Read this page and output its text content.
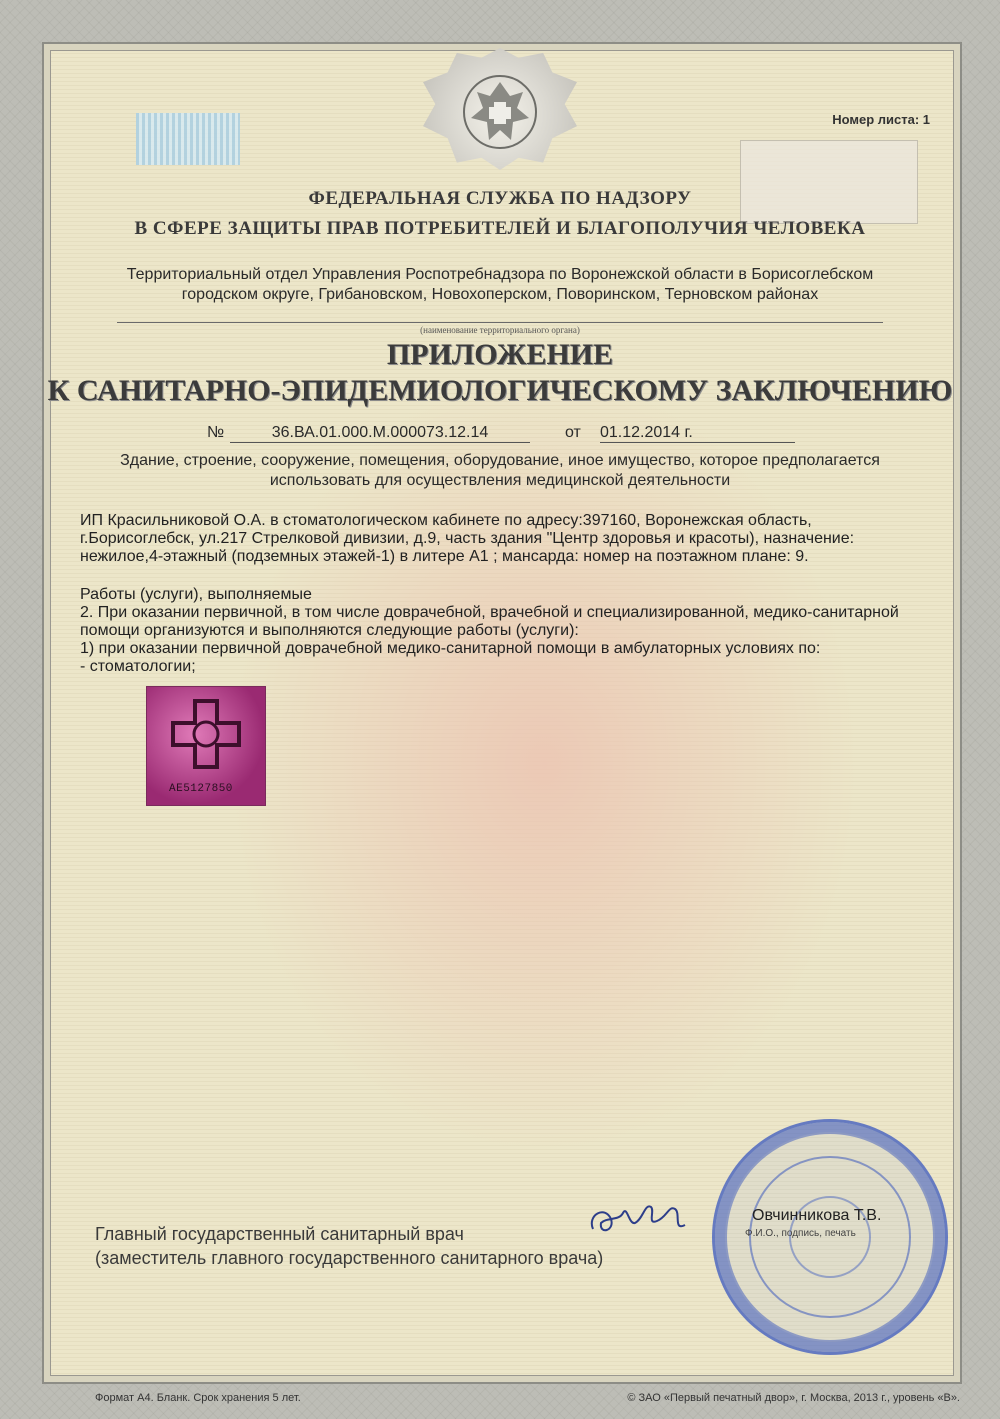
Номер листа: 1
ФЕДЕРАЛЬНАЯ СЛУЖБА ПО НАДЗОРУ
В СФЕРЕ ЗАЩИТЫ ПРАВ ПОТРЕБИТЕЛЕЙ И БЛАГОПОЛУЧИЯ ЧЕЛОВЕКА
Территориальный отдел Управления Роспотребнадзора по Воронежской области в Борисоглебском
городском округе, Грибановском, Новохоперском, Поворинском, Терновском районах
(наименование территориального органа)
ПРИЛОЖЕНИЕ
К САНИТАРНО-ЭПИДЕМИОЛОГИЧЕСКОМУ ЗАКЛЮЧЕНИЮ
№	36.ВА.01.000.М.000073.12.14	от 01.12.2014 г.
Здание, строение, сооружение, помещения, оборудование, иное имущество, которое предполагается
использовать для осуществления медицинской деятельности
ИП Красильниковой О.А. в стоматологическом кабинете по адресу:397160, Воронежская область,
г.Борисоглебск, ул.217 Стрелковой дивизии, д.9, часть здания "Центр здоровья и красоты), назначение:
нежилое,4-этажный (подземных этажей-1) в литере А1 ; мансарда: номер на поэтажном плане: 9.
Работы (услуги), выполняемые
2. При оказании первичной, в том числе доврачебной, врачебной и специализированной, медико-санитарной
помощи организуются и выполняются следующие работы (услуги):
1) при оказании первичной доврачебной медико-санитарной помощи в амбулаторных условиях по:
- стоматологии;
AE5127850
Главный государственный санитарный врач
(заместитель главного государственного санитарного врача)
Овчинникова Т.В.
Ф.И.О., подпись, печать
Формат А4. Бланк. Срок хранения 5 лет.	© ЗАО «Первый печатный двор», г. Москва, 2013 г., уровень «В».
